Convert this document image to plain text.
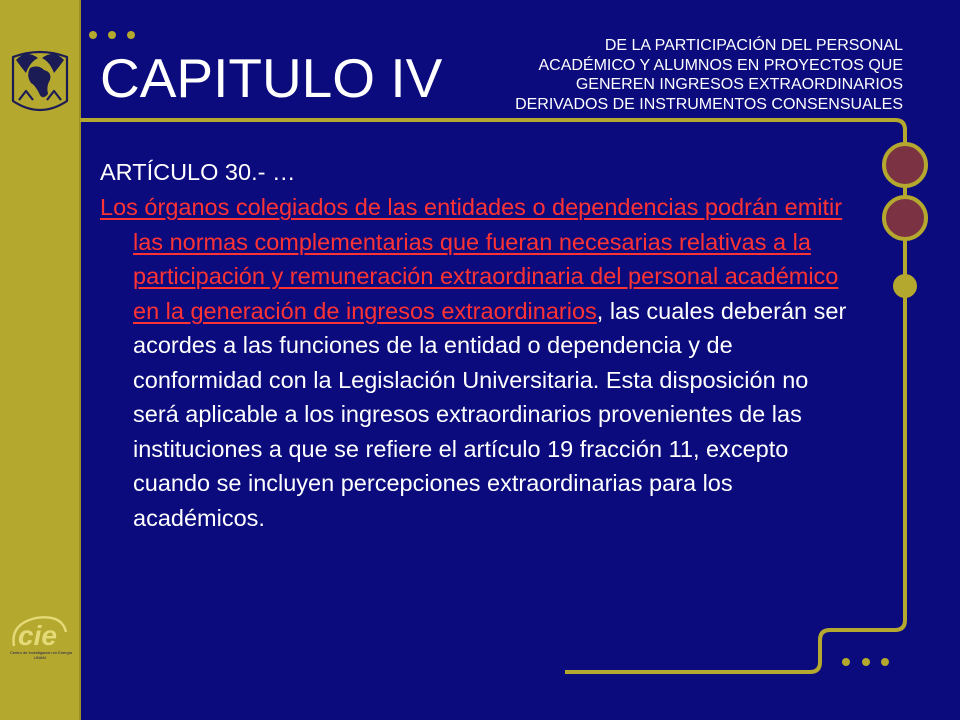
cie
Centro de Investigación en Energía
UNAM
CAPITULO IV
DE LA PARTICIPACIÓN DEL PERSONAL
ACADÉMICO Y ALUMNOS EN PROYECTOS QUE
GENEREN INGRESOS EXTRAORDINARIOS
DERIVADOS DE INSTRUMENTOS CONSENSUALES
ARTÍCULO 30.- …

Los órganos colegiados de las entidades o dependencias podrán emitir las normas complementarias que fueran necesarias relativas a la participación y remuneración extraordinaria del personal académico en la generación de ingresos extraordinarios, las cuales deberán ser acordes a las funciones de la entidad o dependencia y de conformidad con la Legislación Universitaria. Esta disposición no será aplicable a los ingresos extraordinarios provenientes de las instituciones a que se refiere el artículo 19 fracción 11, excepto cuando se incluyen percepciones extraordinarias para los académicos.
